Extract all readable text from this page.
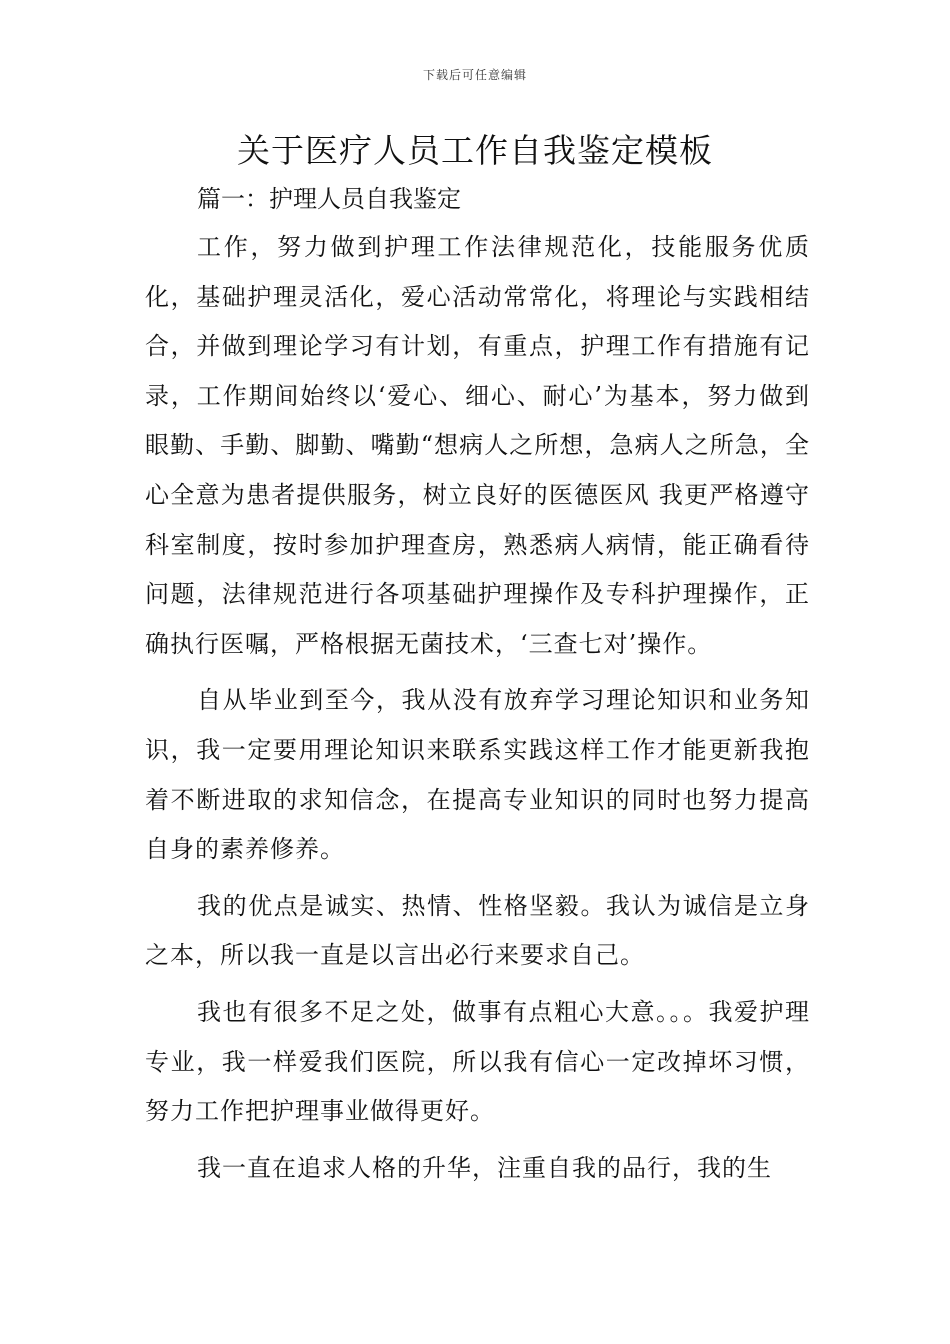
下载后可任意编辑
关于医疗人员工作自我鉴定模板
篇一：护理人员自我鉴定

工作，努力做到护理工作法律规范化，技能服务优质化，基础护理灵活化，爱心活动常常化，将理论与实践相结合，并做到理论学习有计划，有重点，护理工作有措施有记录，工作期间始终以‘爱心、细心、耐心’为基本，努力做到眼勤、手勤、脚勤、嘴勤“想病人之所想，急病人之所急，全心全意为患者提供服务，树立良好的医德医风 我更严格遵守科室制度，按时参加护理查房，熟悉病人病情，能正确看待问题，法律规范进行各项基础护理操作及专科护理操作，正确执行医嘱，严格根据无菌技术，‘三查七对’操作。

自从毕业到至今，我从没有放弃学习理论知识和业务知识，我一定要用理论知识来联系实践这样工作才能更新我抱着不断进取的求知信念，在提高专业知识的同时也努力提高自身的素养修养。

我的优点是诚实、热情、性格坚毅。我认为诚信是立身之本，所以我一直是以言出必行来要求自己。

我也有很多不足之处，做事有点粗心大意。。。我爱护理专业，我一样爱我们医院，所以我有信心一定改掉坏习惯，努力工作把护理事业做得更好。

我一直在追求人格的升华，注重自我的品行，我的生
